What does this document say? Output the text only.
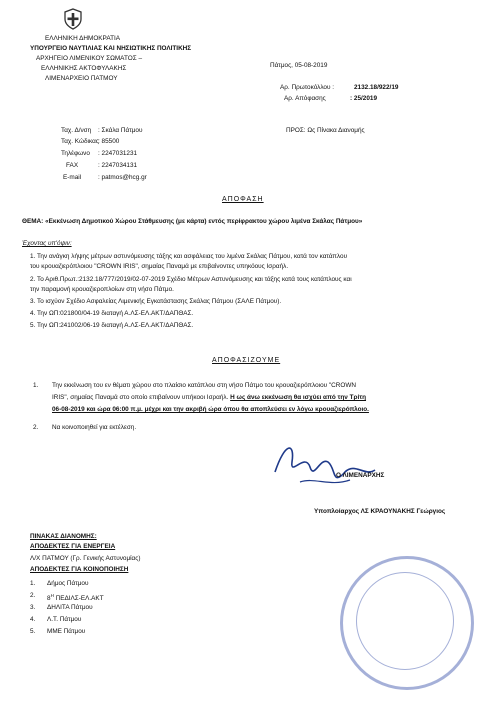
ΕΛΛΗΝΙΚΗ ΔΗΜΟΚΡΑΤΙΑ
ΥΠΟΥΡΓΕΙΟ ΝΑΥΤΙΛΙΑΣ ΚΑΙ ΝΗΣΙΩΤΙΚΗΣ ΠΟΛΙΤΙΚΗΣ
ΑΡΧΗΓΕΙΟ ΛΙΜΕΝΙΚΟΥ ΣΩΜΑΤΟΣ –
ΕΛΛΗΝΙΚΗΣ ΑΚΤΟΦΥΛΑΚΗΣ
ΛΙΜΕΝΑΡΧΕΙΟ ΠΑΤΜΟΥ
Πάτμος, 05-08-2019
Αρ. Πρωτοκόλλου :	2132.18/922/19
Αρ. Απόφασης	: 25/2019
Ταχ. Δ/νση : Σκάλα Πάτμου
Ταχ. Κώδικας : 85500
Τηλέφωνο : 2247031231
FAX	: 2247034131
E-mail	: patmos@hcg.gr
ΠΡΟΣ: Ως Πίνακα Διανομής
ΑΠΟΦΑΣΗ
ΘΕΜΑ: «Εκκένωση Δημοτικού Χώρου Στάθμευσης (με κάρτα) εντός περίφρακτου χώρου λιμένα Σκάλας Πάτμου»
Έχοντας υπ'όψιν:
1. Την ανάγκη λήψης μέτρων αστυνόμευσης τάξης και ασφάλειας του λιμένα Σκάλας Πάτμου, κατά τον κατάπλου
του κρουαζιερόπλοιου "CROWN IRIS", σημαίας Παναμά με επιβαίνοντες υπηκόους Ισραήλ.
2. Το Αριθ.Πρωτ.:2132.18/777/2019/02-07-2019 Σχέδιο Μέτρων Αστυνόμευσης και τάξης κατά τους κατάπλους και
την παραμονή κρουαζιεροπλοίων στη νήσο Πάτμο.
3. Το ισχύον Σχέδιο Ασφαλείας Λιμενικής Εγκατάστασης Σκάλας Πάτμου (ΣΑΛΕ Πάτμου).
4. Την ΩΠ:021800/04-19 διαταγή Α.ΛΣ-ΕΛ.ΑΚΤ/ΔΑΠΘΑΣ.
5. Την ΩΠ:241002/06-19 διαταγή Α.ΛΣ-ΕΛ.ΑΚΤ/ΔΑΠΘΑΣ.
ΑΠΟΦΑΣΙΖΟΥΜΕ
1. Την εκκένωση του εν θέματι χώρου στο πλαίσιο κατάπλου στη νήσο Πάτμο του κρουαζιερόπλοιου "CROWN
IRIS", σημαίας Παναμά στο οποίο επιβαίνουν υπήκοοι Ισραήλ. Η ως άνω εκκένωση θα ισχύει από την Τρίτη
06-08-2019 και ώρα 06:00 π.μ. μέχρι και την ακριβή ώρα όπου θα αποπλεύσει εν λόγω κρουαζιερόπλοιο.
2. Να κοινοποιηθεί για εκτέλεση.
Ο ΛΙΜΕΝΑΡΧΗΣ
Υποπλοίαρχος ΛΣ ΚΡΑΟΥΝΑΚΗΣ Γεώργιος
ΠΙΝΑΚΑΣ ΔΙΑΝΟΜΗΣ:
ΑΠΟΔΕΚΤΕΣ ΓΙΑ ΕΝΕΡΓΕΙΑ
Λ/Χ ΠΑΤΜΟΥ (Γρ. Γενικής Αστυνομίας)
ΑΠΟΔΕΚΤΕΣ ΓΙΑ ΚΟΙΝΟΠΟΙΗΣΗ
1. Δήμος Πάτμου
2. $8^H$ ΠΕΔΙΛΣ-ΕΛ.ΑΚΤ
3. ΔΗΛΙΤΑ Πάτμου
4. Λ.Τ. Πάτμου
5. ΜΜΕ Πάτμου
